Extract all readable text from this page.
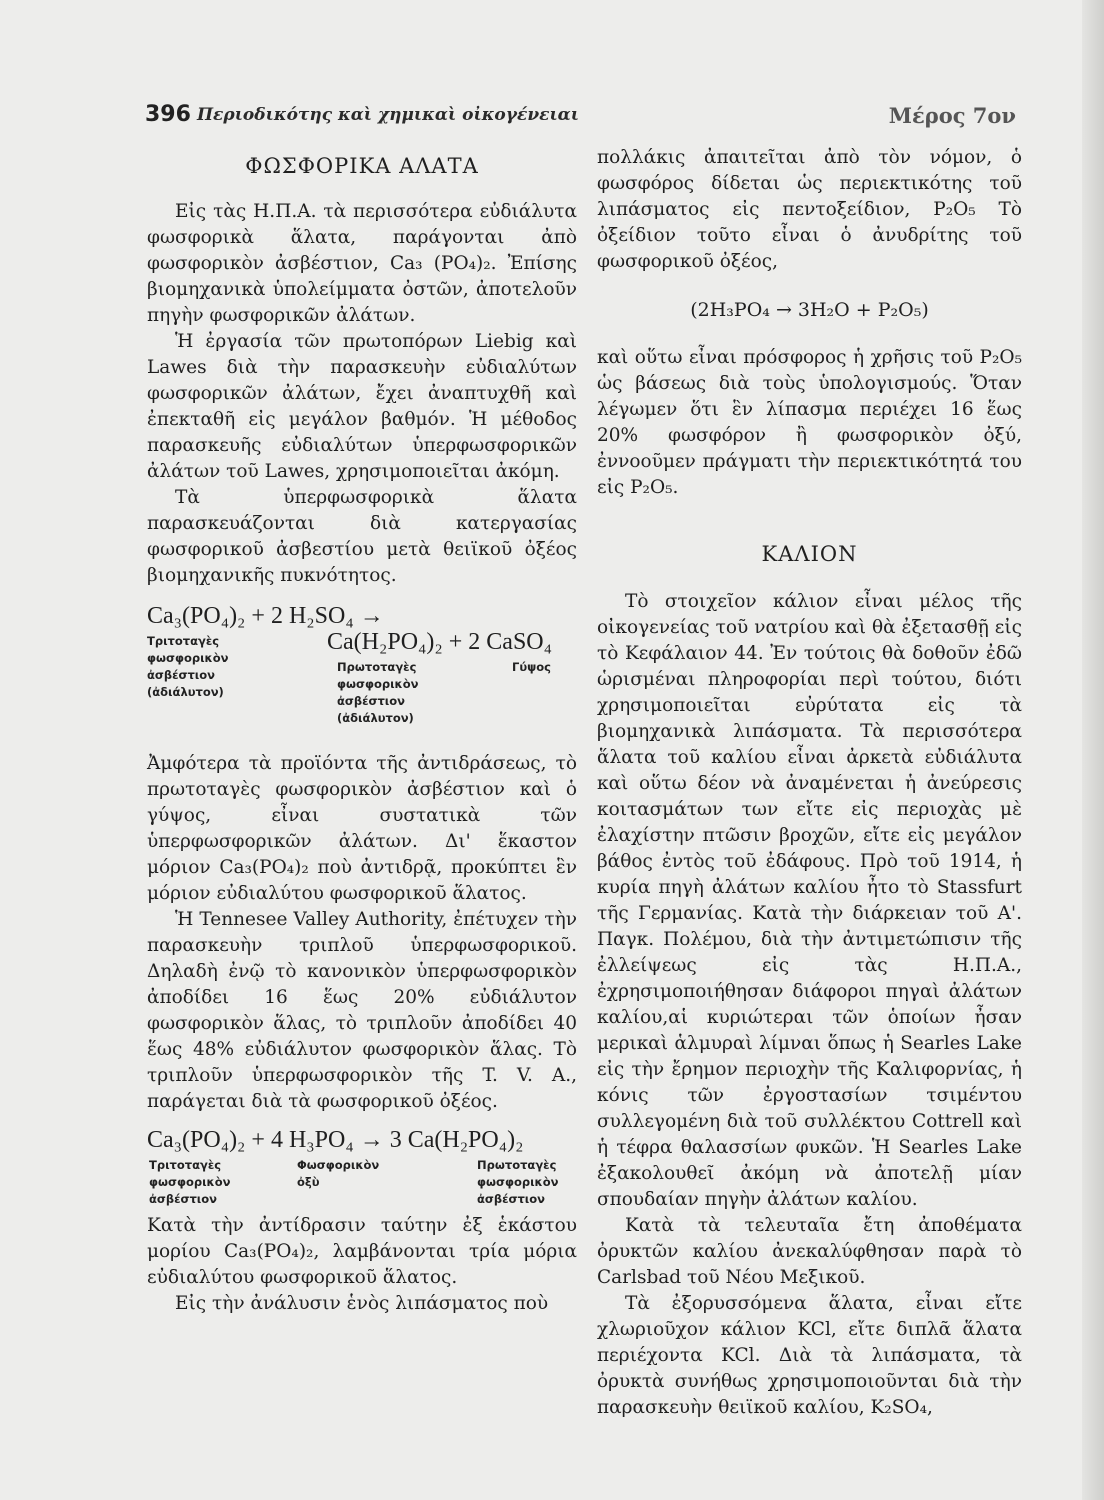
396 Περιοδικότης καὶ χημικαὶ οἰκογένειαι	Μέρος 7ον

ΦΩΣΦΟΡΙΚΑ ΑΛΑΤΑ

Εἰς τὰς Η.Π.Α. τὰ περισσότερα εὐδιάλυτα φωσφορικὰ ἅλατα, παράγονται ἀπὸ φωσφορικὸν ἀσβέστιον, Ca₃ (PO₄)₂. Ἐπίσης βιομηχανικὰ ὑπολείμματα ὀστῶν, ἀποτελοῦν πηγὴν φωσφορικῶν ἀλάτων.

Ἡ ἐργασία τῶν πρωτοπόρων Liebig καὶ Lawes διὰ τὴν παρασκευὴν εὐδιαλύτων φωσφορικῶν ἀλάτων, ἔχει ἀναπτυχθῆ καὶ ἐπεκταθῆ εἰς μεγάλον βαθμόν. Ἡ μέθοδος παρασκευῆς εὐδιαλύτων ὑπερφωσφορικῶν ἀλάτων τοῦ Lawes, χρησιμοποιεῖται ἀκόμη.

Τὰ ὑπερφωσφορικὰ ἅλατα παρασκευάζονται διὰ κατεργασίας φωσφορικοῦ ἀσβεστίου μετὰ θειϊκοῦ ὀξέος βιομηχανικῆς πυκνότητος.

Ca₃(PO₄)₂ + 2 H₂SO₄ →
Ca(H₂PO₄)₂ + 2 CaSO₄
Τριτοταγὲς
φωσφορικὸν
ἀσβέστιον
(ἀδιάλυτον)
Πρωτοταγὲς
φωσφορικὸν
ἀσβέστιον
(ἀδιάλυτον)
Γύψος

Ἀμφότερα τὰ προϊόντα τῆς ἀντιδράσεως, τὸ πρωτοταγὲς φωσφορικὸν ἀσβέστιον καὶ ὁ γύψος, εἶναι συστατικὰ τῶν ὑπερφωσφορικῶν ἀλάτων. Δι' ἕκαστον μόριον Ca₃(PO₄)₂ ποὺ ἀντιδρᾷ, προκύπτει ἓν μόριον εὐδιαλύτου φωσφορικοῦ ἅλατος.

Ἡ Tennesee Valley Authority, ἐπέτυχεν τὴν παρασκευὴν τριπλοῦ ὑπερφωσφορικοῦ. Δηλαδὴ ἐνῷ τὸ κανονικὸν ὑπερφωσφορικὸν ἀποδίδει 16 ἕως 20% εὐδιάλυτον φωσφορικὸν ἅλας, τὸ τριπλοῦν ἀποδίδει 40 ἕως 48% εὐδιάλυτον φωσφορικὸν ἅλας. Τὸ τριπλοῦν ὑπερφωσφορικὸν τῆς T. V. A., παράγεται διὰ τὰ φωσφορικοῦ ὀξέος.

Ca₃(PO₄)₂ + 4 H₃PO₄ → 3 Ca(H₂PO₄)₂
Τριτοταγὲς
φωσφορικὸν
ἀσβέστιον
Φωσφορικὸν
ὀξὺ
Πρωτοταγὲς
φωσφορικὸν
ἀσβέστιον

Κατὰ τὴν ἀντίδρασιν ταύτην ἐξ ἑκάστου μορίου Ca₃(PO₄)₂, λαμβάνονται τρία μόρια εὐδιαλύτου φωσφορικοῦ ἅλατος.

Εἰς τὴν ἀνάλυσιν ἑνὸς λιπάσματος ποὺ

πολλάκις ἀπαιτεῖται ἀπὸ τὸν νόμον, ὁ φωσφόρος δίδεται ὡς περιεκτικότης τοῦ λιπάσματος εἰς πεντοξείδιον, P₂O₅ Τὸ ὀξείδιον τοῦτο εἶναι ὁ ἀνυδρίτης τοῦ φωσφορικοῦ ὀξέος,

(2H₃PO₄ → 3H₂O + P₂O₅)

καὶ οὕτω εἶναι πρόσφορος ἡ χρῆσις τοῦ P₂O₅ ὡς βάσεως διὰ τοὺς ὑπολογισμούς. Ὅταν λέγωμεν ὅτι ἓν λίπασμα περιέχει 16 ἕως 20% φωσφόρον ἢ φωσφορικὸν ὀξύ, ἐννοοῦμεν πράγματι τὴν περιεκτικότητά του εἰς P₂O₅.

ΚΑΛΙΟΝ

Τὸ στοιχεῖον κάλιον εἶναι μέλος τῆς οἰκογενείας τοῦ νατρίου καὶ θὰ ἐξετασθῇ εἰς τὸ Κεφάλαιον 44. Ἐν τούτοις θὰ δοθοῦν ἐδῶ ὡρισμέναι πληροφορίαι περὶ τούτου, διότι χρησιμοποιεῖται εὐρύτατα εἰς τὰ βιομηχανικὰ λιπάσματα. Τὰ περισσότερα ἅλατα τοῦ καλίου εἶναι ἀρκετὰ εὐδιάλυτα καὶ οὕτω δέον νὰ ἀναμένεται ἡ ἀνεύρεσις κοιτασμάτων των εἴτε εἰς περιοχὰς μὲ ἐλαχίστην πτῶσιν βροχῶν, εἴτε εἰς μεγάλον βάθος ἐντὸς τοῦ ἐδάφους. Πρὸ τοῦ 1914, ἡ κυρία πηγὴ ἀλάτων καλίου ἦτο τὸ Stassfurt τῆς Γερμανίας. Κατὰ τὴν διάρκειαν τοῦ Α'. Παγκ. Πολέμου, διὰ τὴν ἀντιμετώπισιν τῆς ἐλλείψεως εἰς τὰς Η.Π.Α., ἐχρησιμοποιήθησαν διάφοροι πηγαὶ ἀλάτων καλίου,αἱ κυριώτεραι τῶν ὁποίων ἦσαν μερικαὶ ἁλμυραὶ λίμναι ὅπως ἡ Searles Lake εἰς τὴν ἔρημον περιοχὴν τῆς Καλιφορνίας, ἡ κόνις τῶν ἐργοστασίων τσιμέντου συλλεγομένη διὰ τοῦ συλλέκτου Cottrell καὶ ἡ τέφρα θαλασσίων φυκῶν. Ἡ Searles Lake ἐξακολουθεῖ ἀκόμη νὰ ἀποτελῇ μίαν σπουδαίαν πηγὴν ἀλάτων καλίου.

Κατὰ τὰ τελευταῖα ἔτη ἀποθέματα ὀρυκτῶν καλίου ἀνεκαλύφθησαν παρὰ τὸ Carlsbad τοῦ Νέου Μεξικοῦ.

Τὰ ἐξορυσσόμενα ἅλατα, εἶναι εἴτε χλωριοῦχον κάλιον KCl, εἴτε διπλᾶ ἅλατα περιέχοντα KCl. Διὰ τὰ λιπάσματα, τὰ ὀρυκτὰ συνήθως χρησιμοποιοῦνται διὰ τὴν παρασκευὴν θειϊκοῦ καλίου, K₂SO₄,
